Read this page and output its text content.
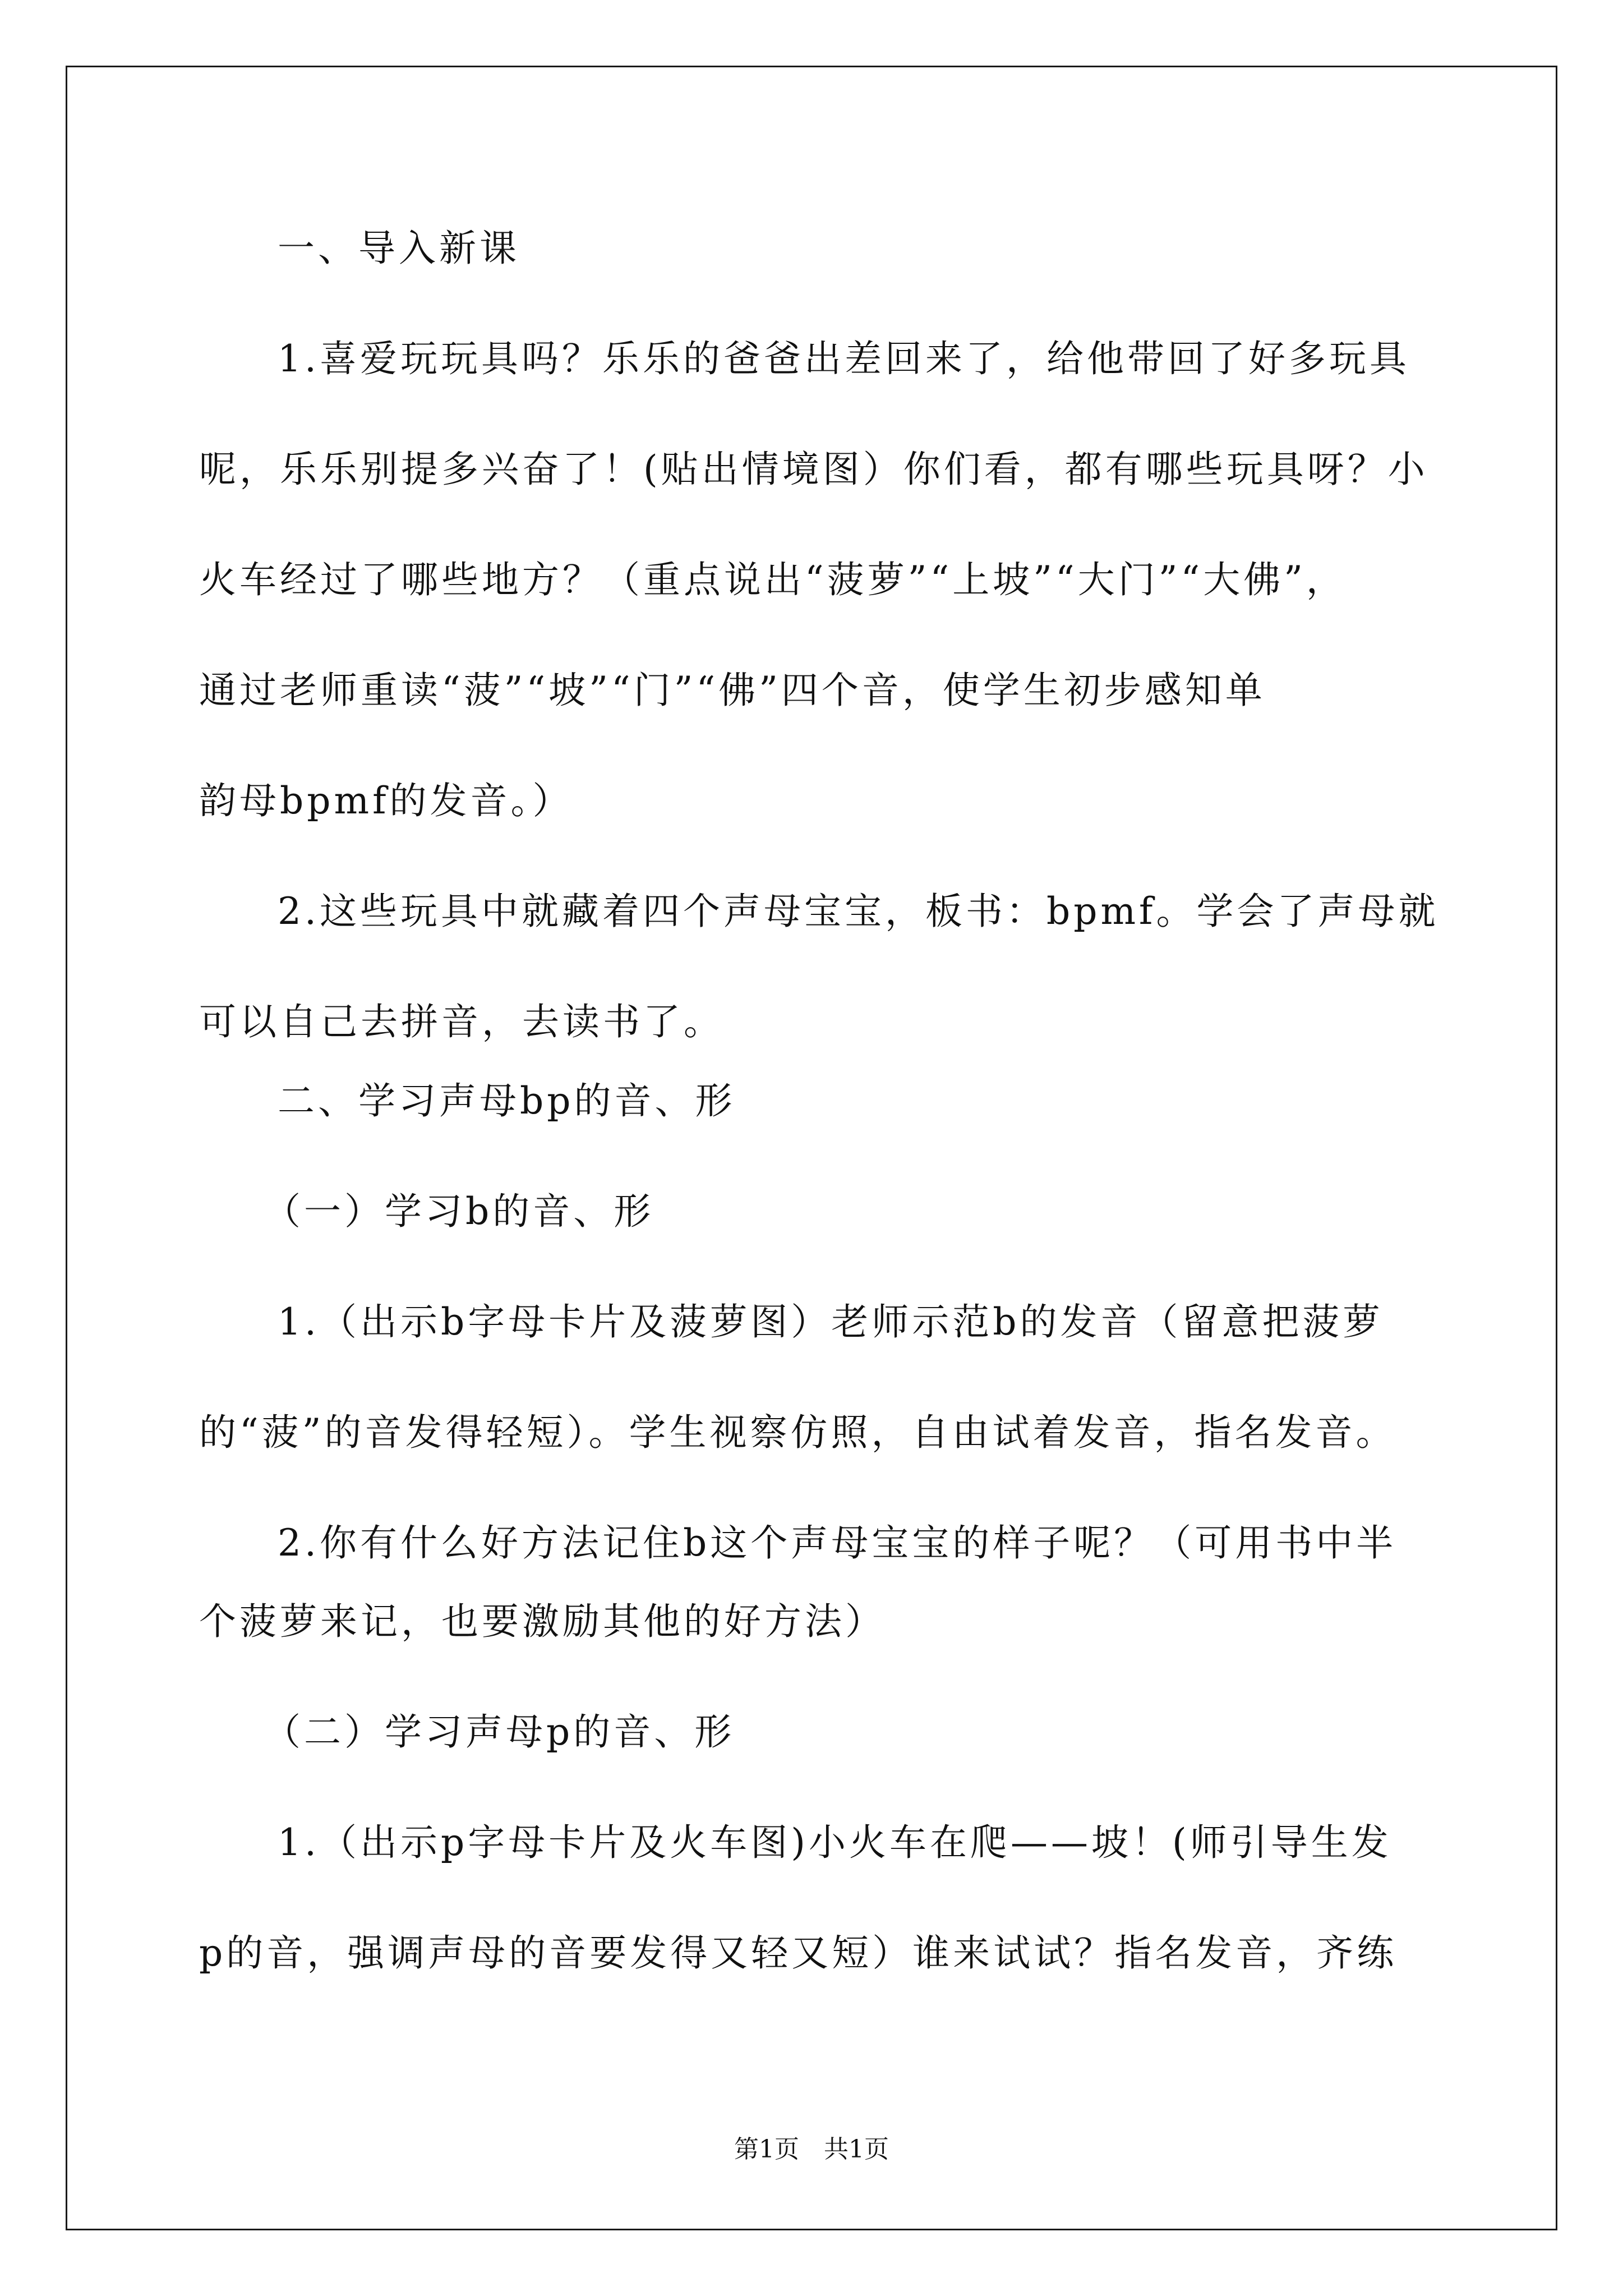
一、导入新课
1.喜爱玩玩具吗？乐乐的爸爸出差回来了，给他带回了好多玩具
呢，乐乐别提多兴奋了！(贴出情境图）你们看，都有哪些玩具呀？小
火车经过了哪些地方？（重点说出“菠萝”“上坡”“大门”“大佛”，
通过老师重读“菠”“坡”“门”“佛”四个音，使学生初步感知单
韵母bpmf的发音。）
2.这些玩具中就藏着四个声母宝宝，板书：bpmf。学会了声母就
可以自己去拼音，去读书了。
二、学习声母bp的音、形
（一）学习b的音、形
1.（出示b字母卡片及菠萝图）老师示范b的发音（留意把菠萝
的“菠”的音发得轻短）。学生视察仿照，自由试着发音，指名发音。
2.你有什么好方法记住b这个声母宝宝的样子呢？（可用书中半
个菠萝来记，也要激励其他的好方法）
（二）学习声母p的音、形
1.（出示p字母卡片及火车图)小火车在爬——坡！(师引导生发
p的音，强调声母的音要发得又轻又短）谁来试试？指名发音，齐练
第1页　共1页
